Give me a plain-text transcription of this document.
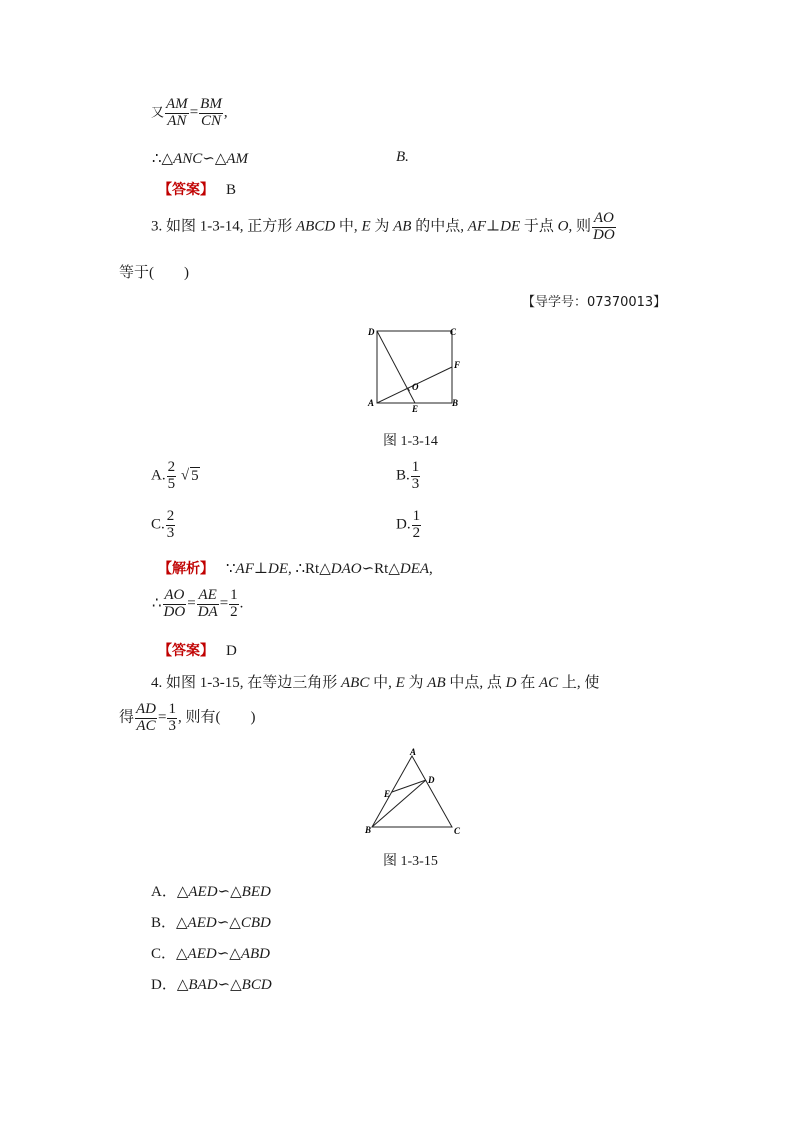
又 $\frac{AM}{AN} = \frac{BM}{CN}$ ,
∴△ANC∽△AM	B.
【答案】 B
3. 如图 1-3-14, 正方形 ABCD 中, E 为 AB 的中点, AF⊥DE 于点 O, 则 $\frac{AO}{DO}$
等于(　　)
【导学号：07370013】
D	C
F
O
A
E
B
图 1-3-14
A. $\frac{2}{5}$ √ 5	B. $\frac{1}{3}$
C. $\frac{2}{3}$	D. $\frac{1}{2}$
【解析】 ∵AF⊥DE, ∴Rt△DAO∽Rt△DEA,
∴ $\frac{AO}{DO} = \frac{AE}{DA} = \frac{1}{2}$ .
【答案】 D
4. 如图 1-3-15, 在等边三角形 ABC 中, E 为 AB 中点, 点 D 在 AC 上, 使
得 $\frac{AD}{AC} = \frac{1}{3}$ , 则有(　　)
A
D
E
B	C
图 1-3-15
A．△AED∽△BED
B．△AED∽△CBD
C．△AED∽△ABD
D．△BAD∽△BCD
